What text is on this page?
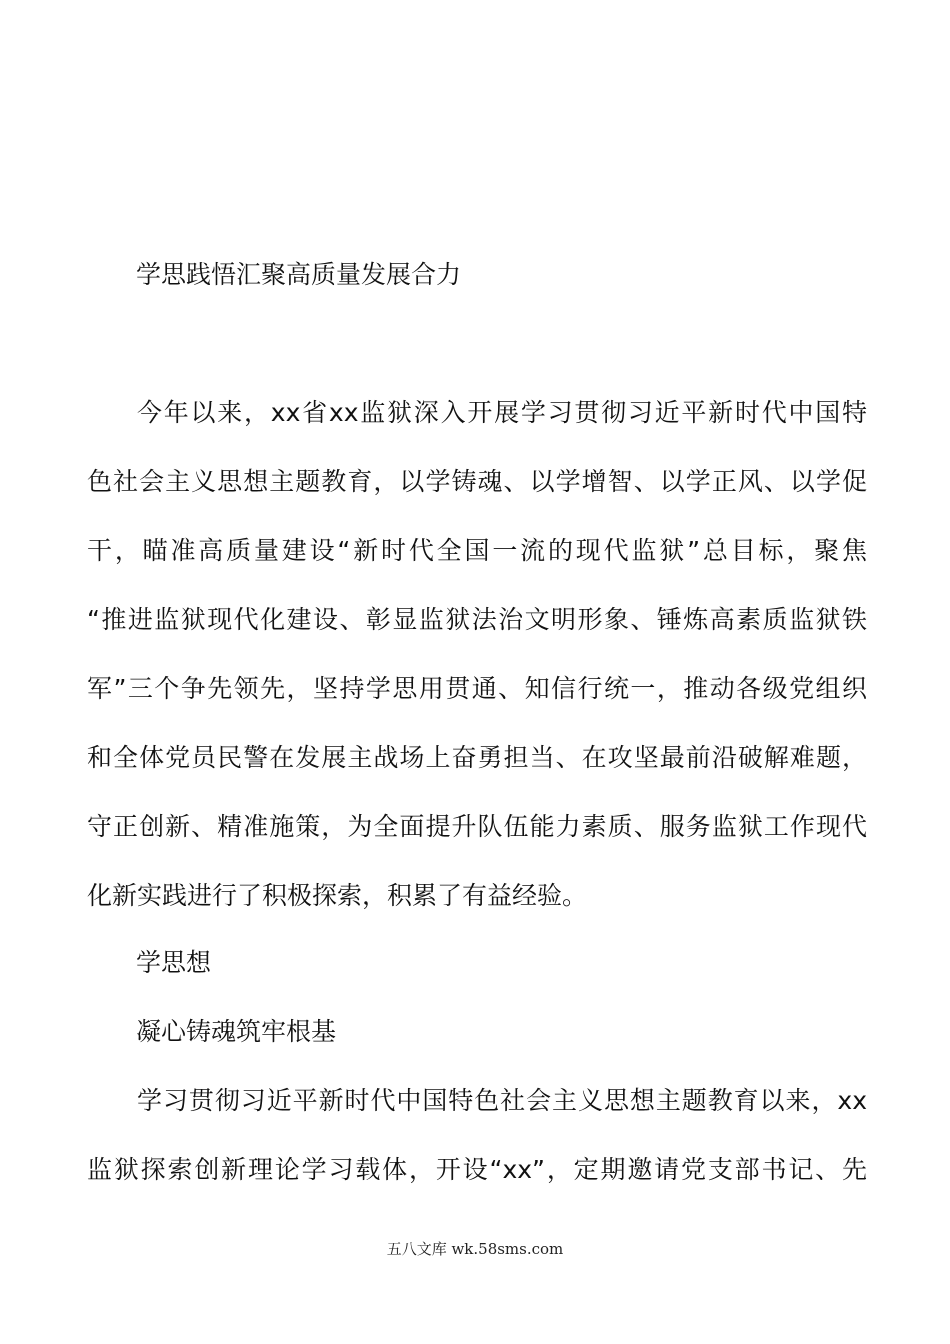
学思践悟汇聚高质量发展合力
今年以来，xx省xx监狱深入开展学习贯彻习近平新时代中国特
色社会主义思想主题教育，以学铸魂、以学增智、以学正风、以学促
干，瞄准高质量建设“新时代全国一流的现代监狱”总目标，聚焦
“推进监狱现代化建设、彰显监狱法治文明形象、锤炼高素质监狱铁
军”三个争先领先，坚持学思用贯通、知信行统一，推动各级党组织
和全体党员民警在发展主战场上奋勇担当、在攻坚最前沿破解难题，
守正创新、精准施策，为全面提升队伍能力素质、服务监狱工作现代
化新实践进行了积极探索，积累了有益经验。
学思想
凝心铸魂筑牢根基
学习贯彻习近平新时代中国特色社会主义思想主题教育以来，xx
监狱探索创新理论学习载体，开设“xx”，定期邀请党支部书记、先
五八文库 wk.58sms.com
